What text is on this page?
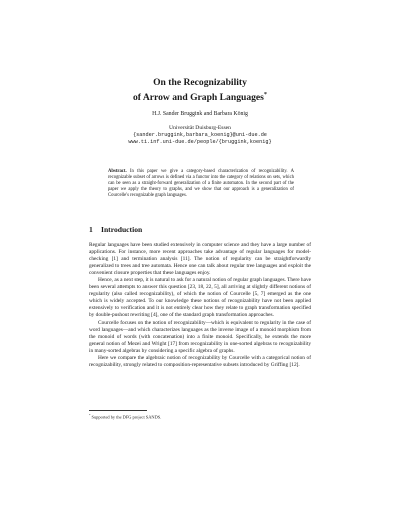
On the Recognizability
of Arrow and Graph Languages*
H.J. Sander Bruggink and Barbara König
Universität Duisburg-Essen
{sander.bruggink,barbara_koenig}@uni-due.de
www.ti.inf.uni-due.de/people/{bruggink,koenig}
Abstract. In this paper we give a category-based characterization of recognizability. A recognizable subset of arrows is defined via a functor into the category of relations on sets, which can be seen as a straight-forward generalization of a finite automaton. In the second part of the paper we apply the theory to graphs, and we show that our approach is a generalization of Courcelle's recognizable graph languages.
1 Introduction

Regular languages have been studied extensively in computer science and they have a large number of applications. For instance, more recent approaches take advantage of regular languages for model-checking [1] and termination analysis [11]. The notion of regularity can be straightforwardly generalized to trees and tree automata. Hence one can talk about regular tree languages and exploit the convenient closure properties that these languages enjoy.

Hence, as a next step, it is natural to ask for a natural notion of regular graph languages. There have been several attempts to answer this question [23, 18, 22, 5], all arriving at slightly different notions of regularity (also called recognizability), of which the notion of Courcelle [5, 7] emerged as the one which is widely accepted. To our knowledge these notions of recognizability have not been applied extensively to verification and it is not entirely clear how they relate to graph transformation specified by double-pushout rewriting [4], one of the standard graph transformation approaches.

Courcelle focuses on the notion of recognizability—which is equivalent to regularity in the case of word languages—and which characterizes languages as the inverse image of a monoid morphism from the monoid of words (with concatenation) into a finite monoid. Specifically, he extends the more general notion of Mezei and Wright [17] from recognizability in one-sorted algebras to recognizability in many-sorted algebras by considering a specific algebra of graphs.

Here we compare the algebraic notion of recognizability by Courcelle with a categorical notion of recognizability, strongly related to composition-representative subsets introduced by Griffing [12].

* Supported by the DFG project SANDS.
